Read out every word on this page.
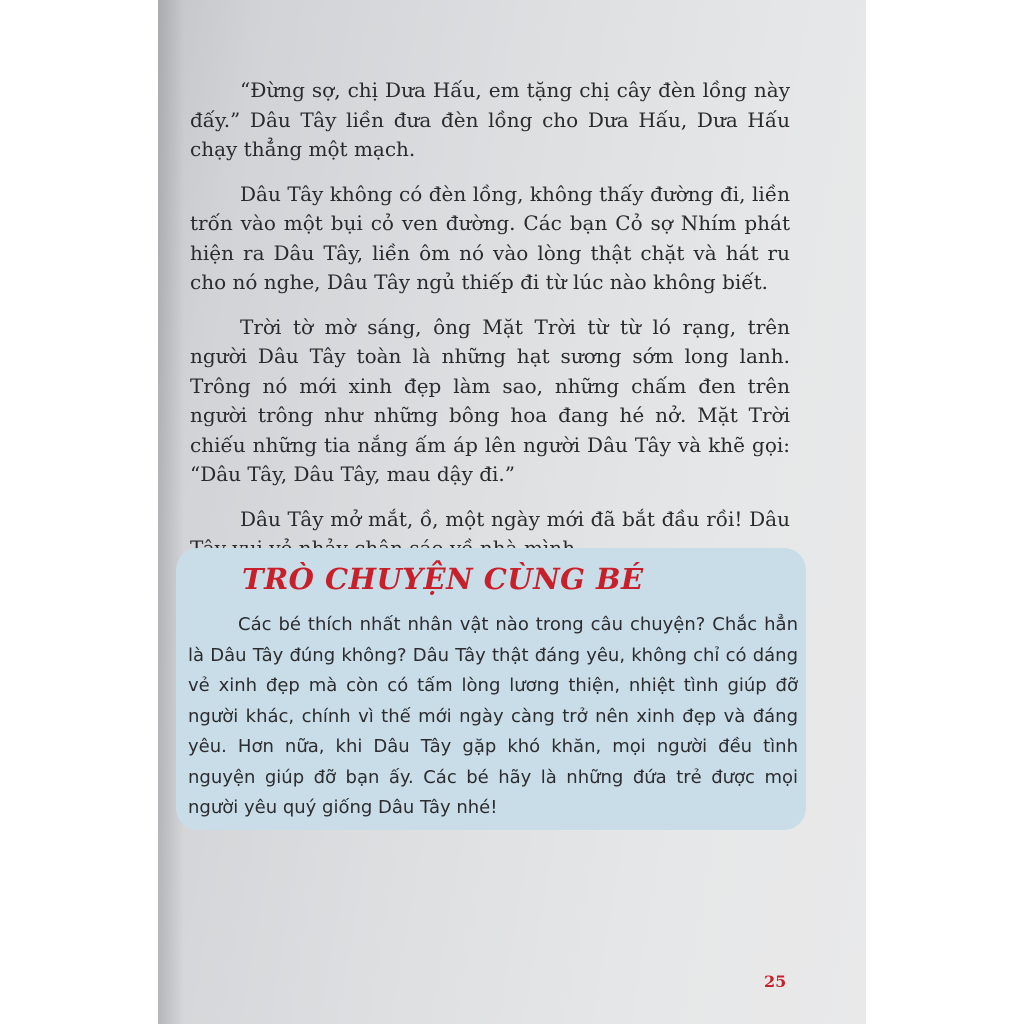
“Đừng sợ, chị Dưa Hấu, em tặng chị cây đèn lồng này đấy.” Dâu Tây liền đưa đèn lồng cho Dưa Hấu, Dưa Hấu chạy thẳng một mạch.

Dâu Tây không có đèn lồng, không thấy đường đi, liền trốn vào một bụi cỏ ven đường. Các bạn Cỏ sợ Nhím phát hiện ra Dâu Tây, liền ôm nó vào lòng thật chặt và hát ru cho nó nghe, Dâu Tây ngủ thiếp đi từ lúc nào không biết.

Trời tờ mờ sáng, ông Mặt Trời từ từ ló rạng, trên người Dâu Tây toàn là những hạt sương sớm long lanh. Trông nó mới xinh đẹp làm sao, những chấm đen trên người trông như những bông hoa đang hé nở. Mặt Trời chiếu những tia nắng ấm áp lên người Dâu Tây và khẽ gọi: “Dâu Tây, Dâu Tây, mau dậy đi.”

Dâu Tây mở mắt, ồ, một ngày mới đã bắt đầu rồi! Dâu

TRÒ CHUYỆN CÙNG BÉ

Các bé thích nhất nhân vật nào trong câu chuyện? Chắc hẳn là Dâu Tây đúng không? Dâu Tây thật đáng yêu, không chỉ có dáng vẻ xinh đẹp mà còn có tấm lòng lương thiện, nhiệt tình giúp đỡ người khác, chính vì thế mới ngày càng trở nên xinh đẹp và đáng yêu. Hơn nữa, khi Dâu Tây gặp khó khăn, mọi người đều tình nguyện giúp đỡ bạn ấy. Các bé hãy là những đứa trẻ được mọi người yêu quý giống Dâu Tây nhé!

25
